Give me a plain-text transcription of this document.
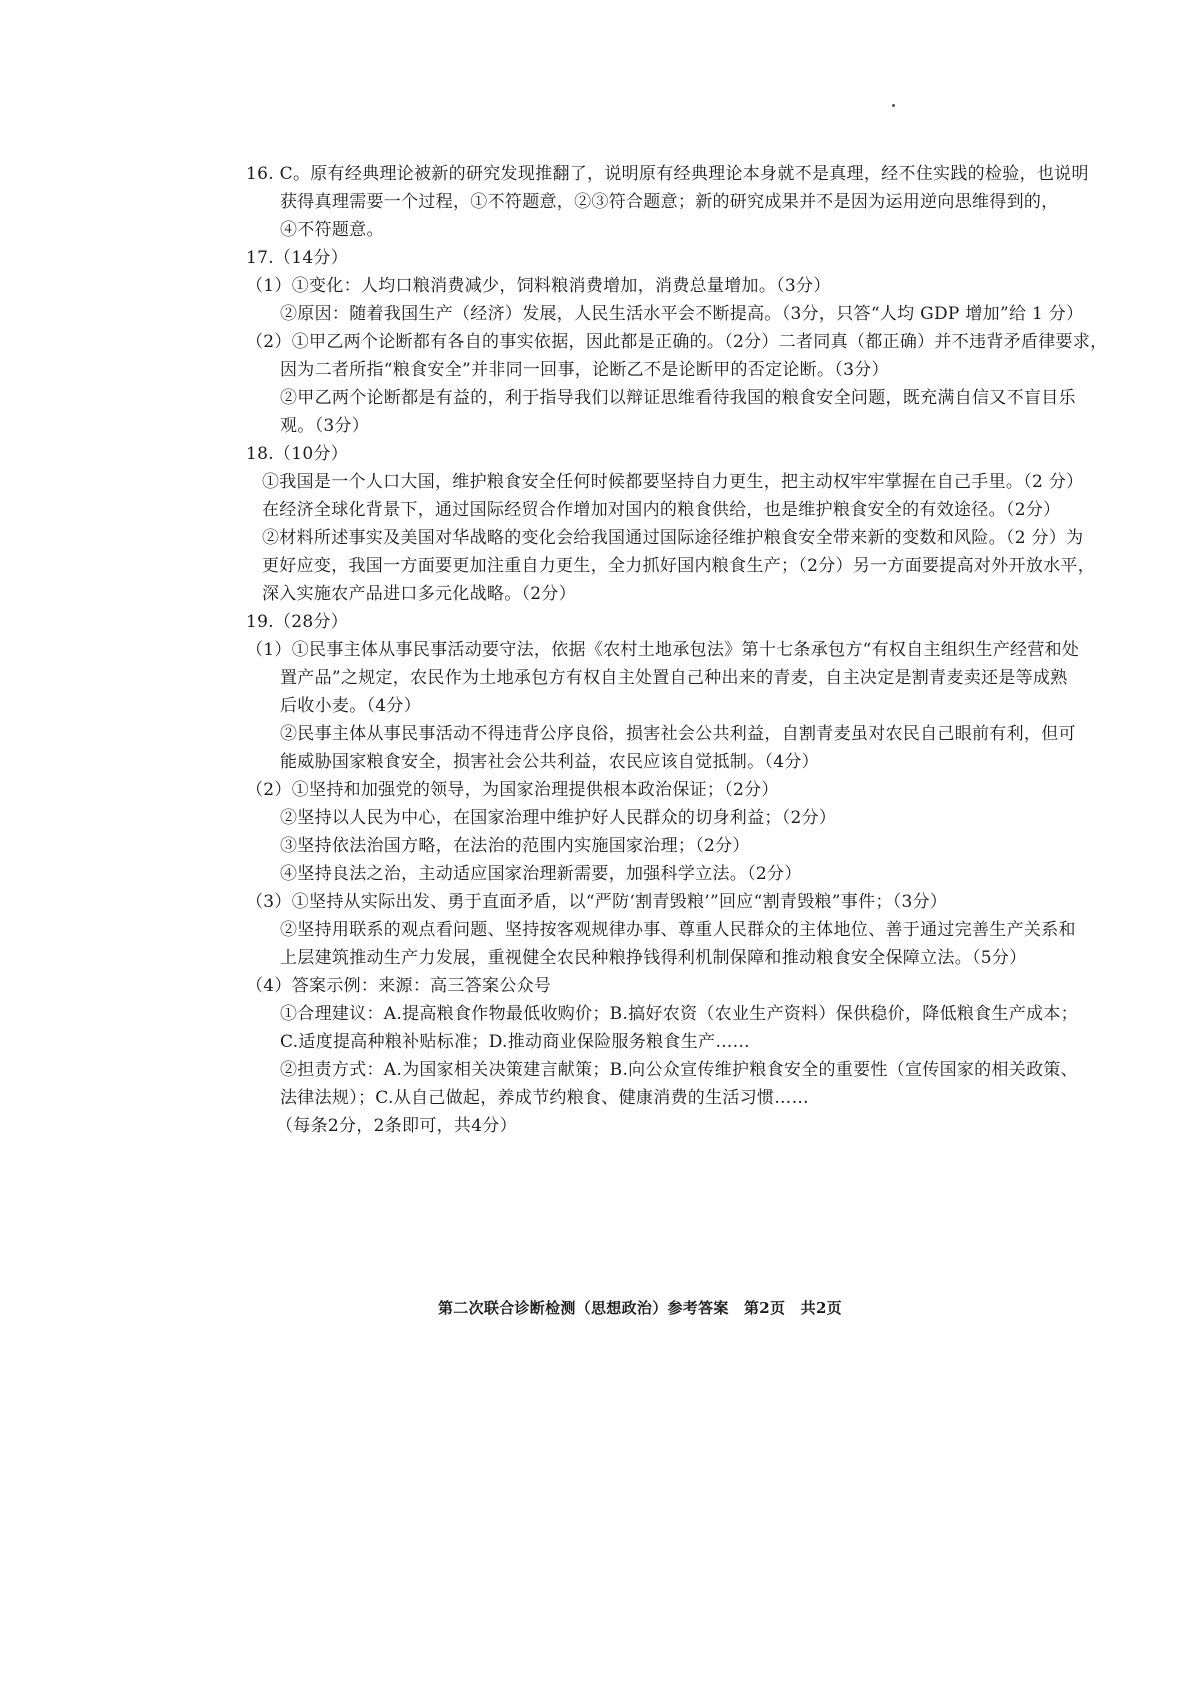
16. C。原有经典理论被新的研究发现推翻了，说明原有经典理论本身就不是真理，经不住实践的检验，也说明
获得真理需要一个过程，①不符题意，②③符合题意；新的研究成果并不是因为运用逆向思维得到的，
④不符题意。
17.（14分）
（1）①变化：人均口粮消费减少，饲料粮消费增加，消费总量增加。（3分）
②原因：随着我国生产（经济）发展，人民生活水平会不断提高。（3分，只答“人均 GDP 增加”给 1 分）
（2）①甲乙两个论断都有各自的事实依据，因此都是正确的。（2分）二者同真（都正确）并不违背矛盾律要求，
因为二者所指“粮食安全”并非同一回事，论断乙不是论断甲的否定论断。（3分）
②甲乙两个论断都是有益的，利于指导我们以辩证思维看待我国的粮食安全问题，既充满自信又不盲目乐
观。（3分）
18.（10分）
①我国是一个人口大国，维护粮食安全任何时候都要坚持自力更生，把主动权牢牢掌握在自己手里。（2 分）
在经济全球化背景下，通过国际经贸合作增加对国内的粮食供给，也是维护粮食安全的有效途径。（2分）
②材料所述事实及美国对华战略的变化会给我国通过国际途径维护粮食安全带来新的变数和风险。（2 分）为
更好应变，我国一方面要更加注重自力更生，全力抓好国内粮食生产；（2分）另一方面要提高对外开放水平，
深入实施农产品进口多元化战略。（2分）
19.（28分）
（1）①民事主体从事民事活动要守法，依据《农村土地承包法》第十七条承包方“有权自主组织生产经营和处
置产品”之规定，农民作为土地承包方有权自主处置自己种出来的青麦，自主决定是割青麦卖还是等成熟
后收小麦。（4分）
②民事主体从事民事活动不得违背公序良俗，损害社会公共利益，自割青麦虽对农民自己眼前有利，但可
能威胁国家粮食安全，损害社会公共利益，农民应该自觉抵制。（4分）
（2）①坚持和加强党的领导，为国家治理提供根本政治保证；（2分）
②坚持以人民为中心，在国家治理中维护好人民群众的切身利益；（2分）
③坚持依法治国方略，在法治的范围内实施国家治理；（2分）
④坚持良法之治，主动适应国家治理新需要，加强科学立法。（2分）
（3）①坚持从实际出发、勇于直面矛盾，以“严防‘割青毁粮’”回应“割青毁粮”事件；（3分）
②坚持用联系的观点看问题、坚持按客观规律办事、尊重人民群众的主体地位、善于通过完善生产关系和
上层建筑推动生产力发展，重视健全农民种粮挣钱得利机制保障和推动粮食安全保障立法。（5分）
（4）答案示例：来源：高三答案公众号
①合理建议：A.提高粮食作物最低收购价；B.搞好农资（农业生产资料）保供稳价，降低粮食生产成本；
C.适度提高种粮补贴标准；D.推动商业保险服务粮食生产……
②担责方式：A.为国家相关决策建言献策；B.向公众宣传维护粮食安全的重要性（宣传国家的相关政策、
法律法规）；C.从自己做起，养成节约粮食、健康消费的生活习惯……
（每条2分，2条即可，共4分）
第二次联合诊断检测（思想政治）参考答案　第2页　共2页
